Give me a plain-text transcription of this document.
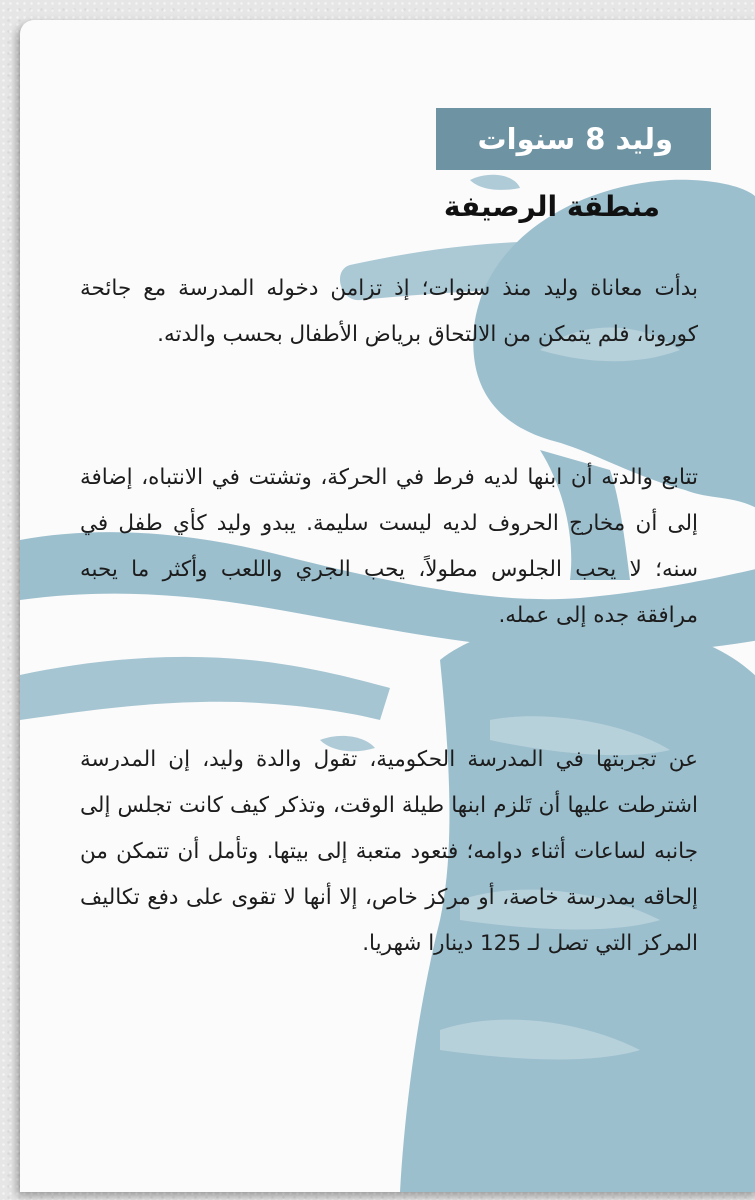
وليد 8 سنوات
منطقة الرصيفة

بدأت معاناة وليد منذ سنوات؛ إذ تزامن دخوله المدرسة مع جائحة كورونا، فلم يتمكن من الالتحاق برياض الأطفال بحسب والدته.

تتابع والدته أن ابنها لديه فرط في الحركة، وتشتت في الانتباه، إضافة إلى أن مخارج الحروف لديه ليست سليمة. يبدو وليد كأي طفل في سنه؛ لا يحب الجلوس مطولاً، يحب الجري واللعب وأكثر ما يحبه مرافقة جده إلى عمله.

عن تجربتها في المدرسة الحكومية، تقول والدة وليد، إن المدرسة اشترطت عليها أن تَلزم ابنها طيلة الوقت، وتذكر كيف كانت تجلس إلى جانبه لساعات أثناء دوامه؛ فتعود متعبة إلى بيتها. وتأمل أن تتمكن من إلحاقه بمدرسة خاصة، أو مركز خاص، إلا أنها لا تقوى على دفع تكاليف المركز التي تصل لـ 125 دينارا شهريا.
